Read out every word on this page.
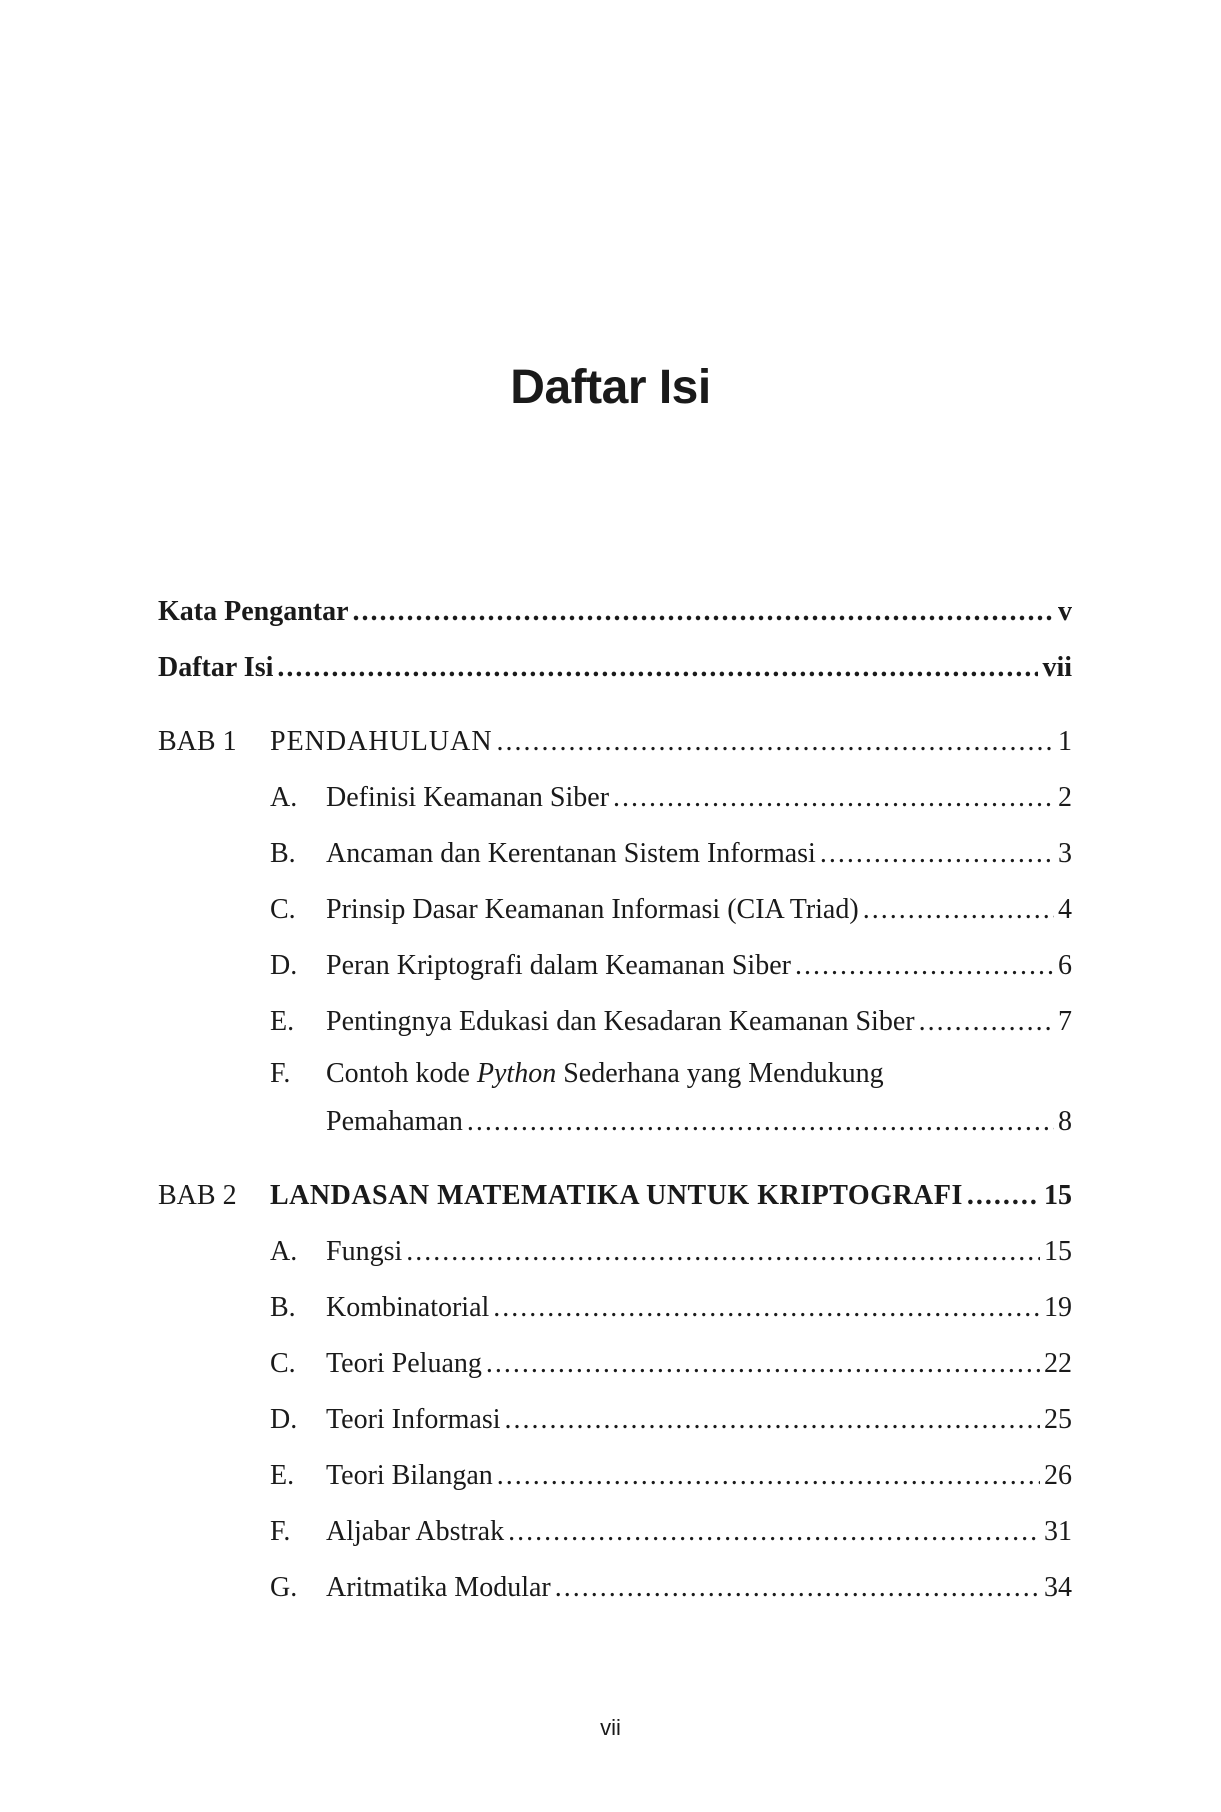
Daftar Isi
Kata Pengantar .....	v
Daftar Isi .....	vii
BAB 1	PENDAHULUAN .....	1
A.	Definisi Keamanan Siber .....	2
B.	Ancaman dan Kerentanan Sistem Informasi .....	3
C.	Prinsip Dasar Keamanan Informasi (CIA Triad) .....	4
D.	Peran Kriptografi dalam Keamanan Siber .....	6
E.	Pentingnya Edukasi dan Kesadaran Keamanan Siber .....	7
F.	Contoh kode Python Sederhana yang Mendukung
Pemahaman .....	8
BAB 2	LANDASAN MATEMATIKA UNTUK KRIPTOGRAFI .....	15
A.	Fungsi .....	15
B.	Kombinatorial .....	19
C.	Teori Peluang .....	22
D.	Teori Informasi .....	25
E.	Teori Bilangan .....	26
F.	Aljabar Abstrak .....	31
G.	Aritmatika Modular .....	34
vii
